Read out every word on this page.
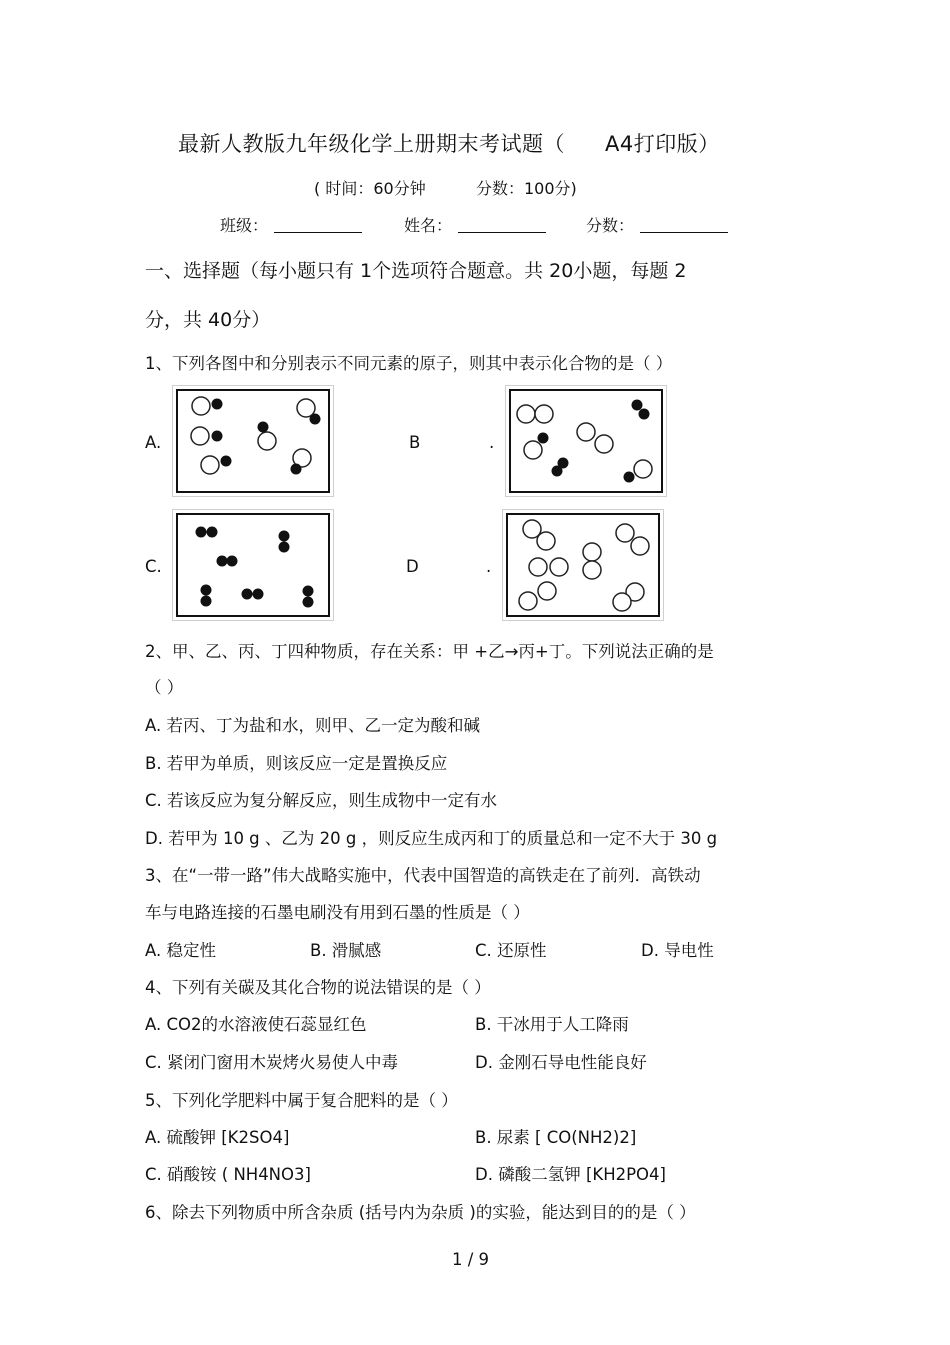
最新人教版九年级化学上册期末考试题（ A4打印版）
( 时间：60分钟	分数：100分)
班级：	姓名：	分数：
一、选择题（每小题只有 1个选项符合题意。共 20小题，每题 2
分，共 40分）
1、下列各图中和分别表示不同元素的原子，则其中表示化合物的是（ ）
A.	B	.
C.	D	.
2、甲、乙、丙、丁四种物质，存在关系：甲 +乙→丙+丁。下列说法正确的是
（ ）
A. 若丙、丁为盐和水，则甲、乙一定为酸和碱
B. 若甲为单质，则该反应一定是置换反应
C. 若该反应为复分解反应，则生成物中一定有水
D. 若甲为 10 g 、乙为 20 g ，则反应生成丙和丁的质量总和一定不大于 30 g
3、在“一带一路”伟大战略实施中，代表中国智造的高铁走在了前列．高铁动
车与电路连接的石墨电刷没有用到石墨的性质是（ ）
A. 稳定性	B. 滑腻感	C. 还原性	D. 导电性
4、下列有关碳及其化合物的说法错误的是（ ）
A. CO2的水溶液使石蕊显红色	B. 干冰用于人工降雨
C. 紧闭门窗用木炭烤火易使人中毒	D. 金刚石导电性能良好
5、下列化学肥料中属于复合肥料的是（ ）
A. 硫酸钾 [K2SO4]	B. 尿素 [ CO(NH2)2]
C. 硝酸铵 ( NH4NO3]	D. 磷酸二氢钾 [KH2PO4]
6、除去下列物质中所含杂质 (括号内为杂质 )的实验，能达到目的的是（ ）
1 / 9
